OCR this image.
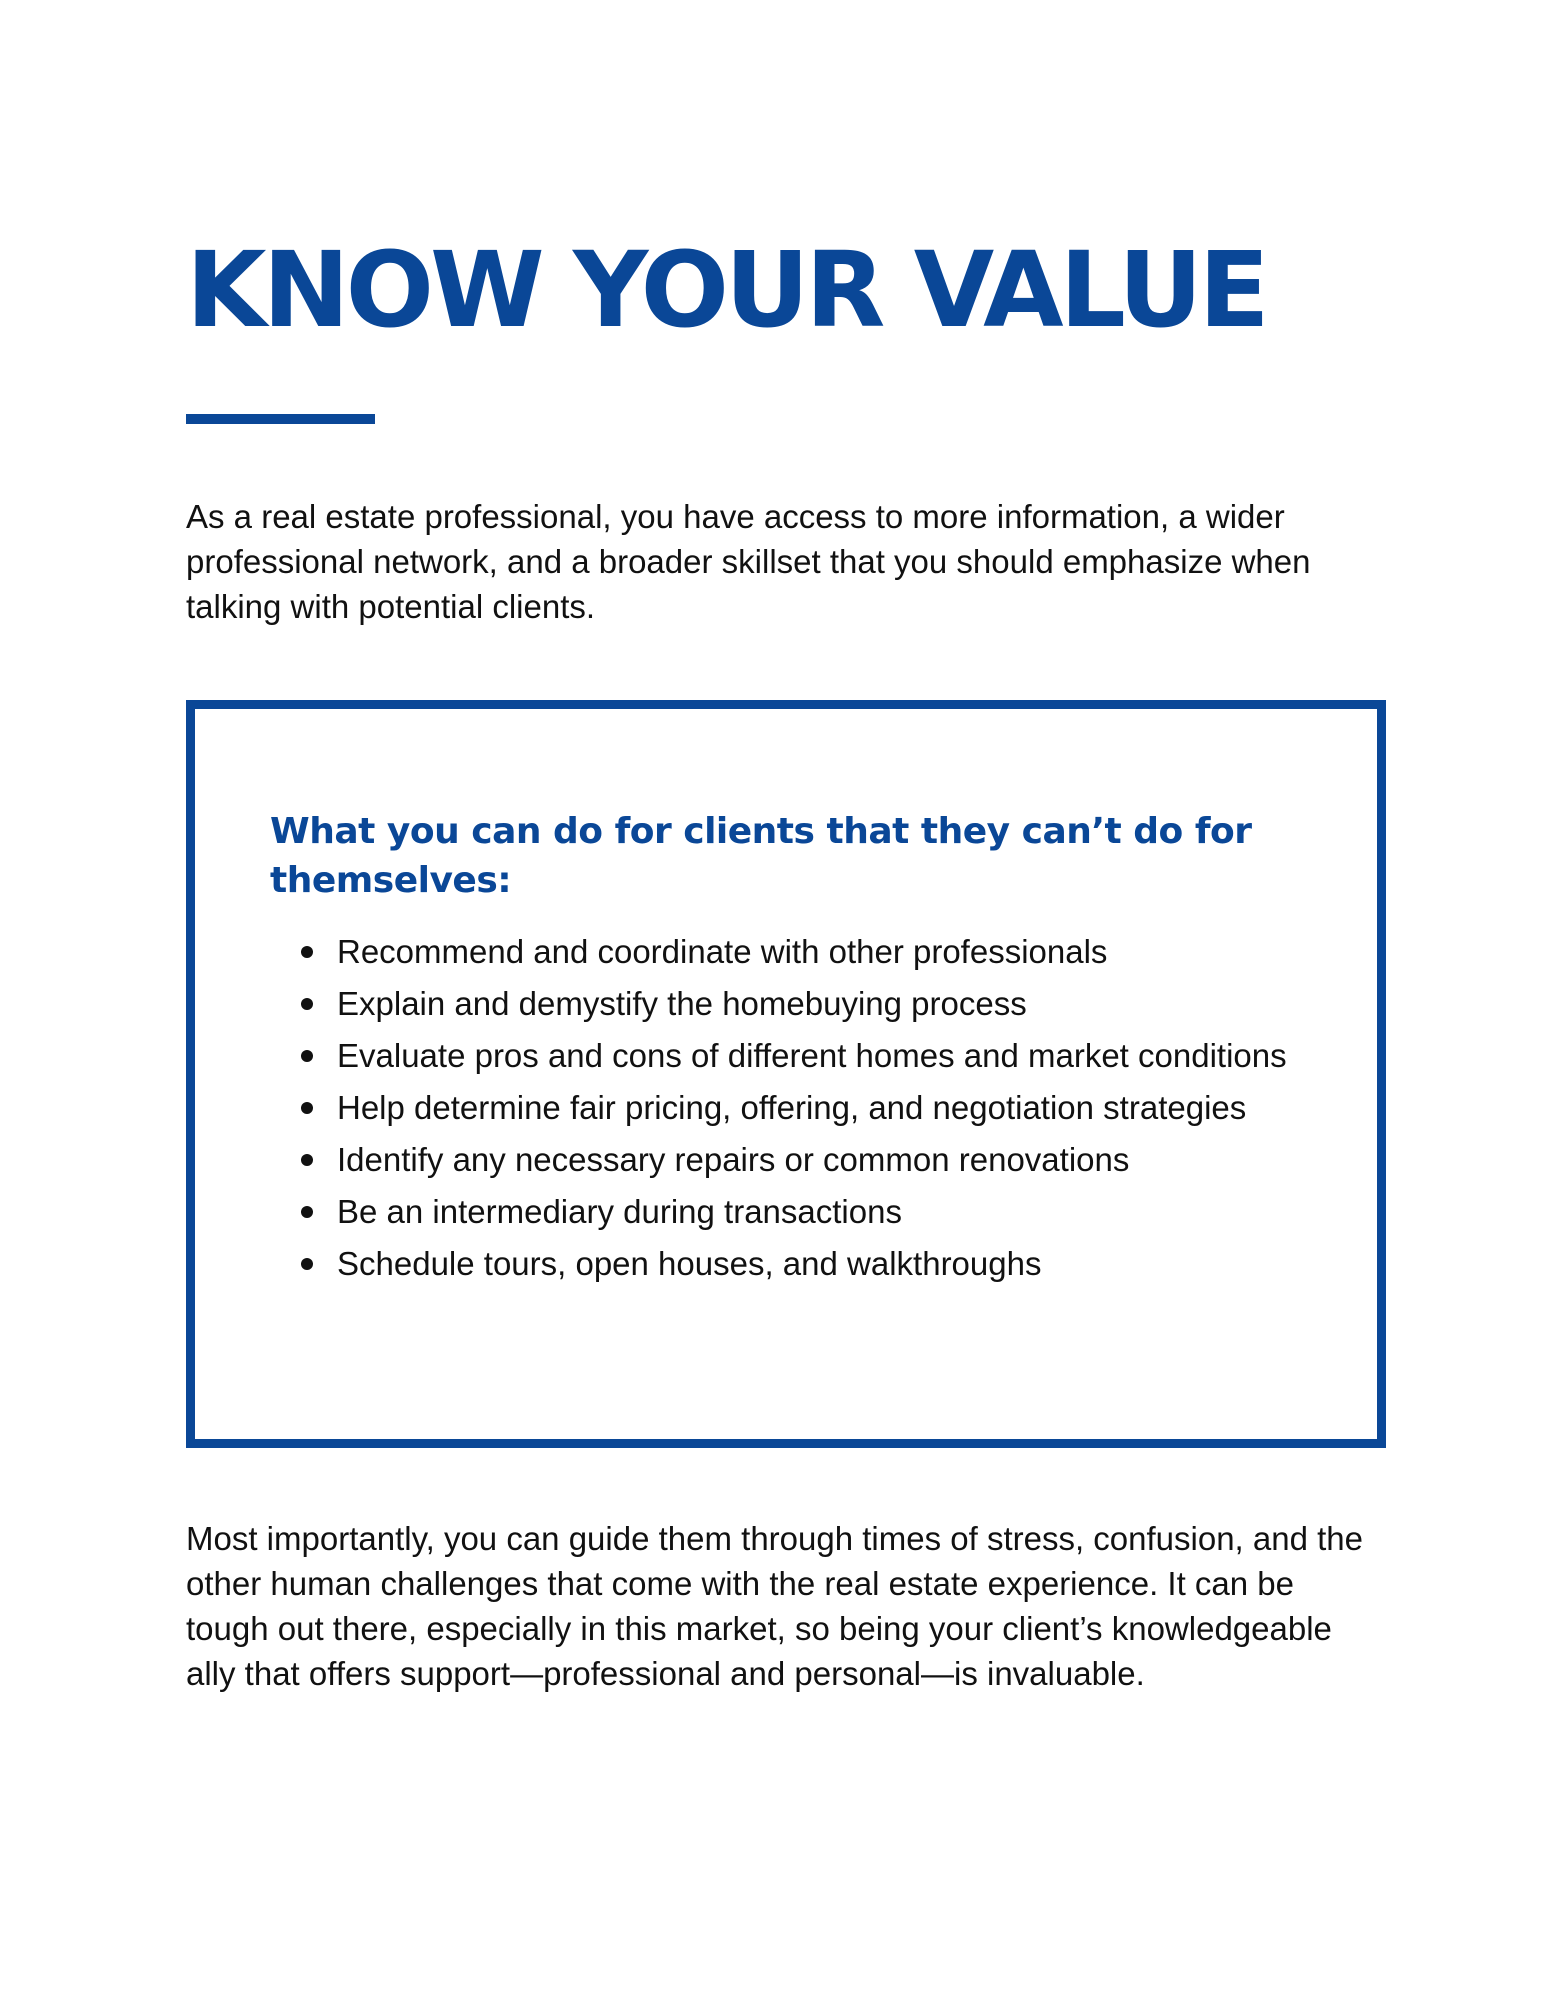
KNOW YOUR VALUE

As a real estate professional, you have access to more information, a wider professional network, and a broader skillset that you should emphasize when talking with potential clients.

What you can do for clients that they can’t do for themselves:
Recommend and coordinate with other professionals
Explain and demystify the homebuying process
Evaluate pros and cons of different homes and market conditions
Help determine fair pricing, offering, and negotiation strategies
Identify any necessary repairs or common renovations
Be an intermediary during transactions
Schedule tours, open houses, and walkthroughs

Most importantly, you can guide them through times of stress, confusion, and the other human challenges that come with the real estate experience. It can be tough out there, especially in this market, so being your client’s knowledgeable ally that offers support—professional and personal—is invaluable.
